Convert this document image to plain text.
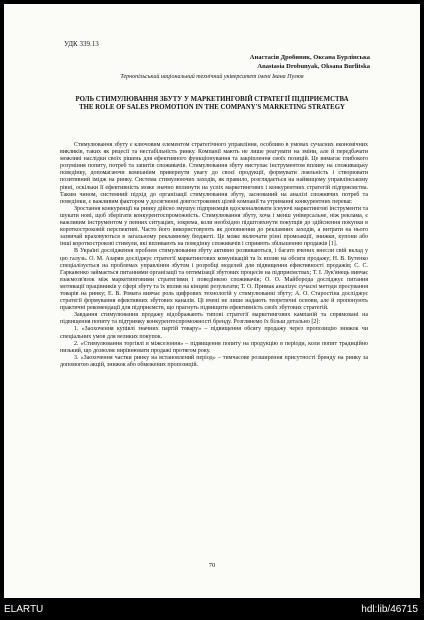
УДК 339.13
Анастасія Дробиняк, Оксана Бурлінська
Anastasia Drobunyak, Oksana Burlitska
Тернопільський національний технічний університет імені Івана Пулюя
РОЛЬ СТИМУЛЮВАННЯ ЗБУТУ У МАРКЕТИНГОВІЙ СТРАТЕГІЇ ПІДПРИЄМСТВА
THE ROLE OF SALES PROMOTION IN THE COMPANY'S MARKETING STRATEGY

Стимулювання збуту є ключовим елементом стратегічного управління, особливо в умовах сучасних економічних викликів, таких як рецесії та нестабільність ринку. Компанії мають не лише реагувати на зміни, але й передбачати можливі наслідки своїх рішень для ефективного функціонування та закріплення своїх позицій. Це вимагає глибокого розуміння попиту, потреб та запитів споживачів. Стимулювання збуту виступає інструментом впливу на споживацьку поведінку, допомагаючи компаніям привернути увагу до своєї продукції, формувати лояльність і створювати позитивний імідж на ринку. Система стимулюючих заходів, як правило, розглядається на найвищому управлінському рівні, оскільки її ефективність може значно вплинути на успіх маркетингових і конкурентних стратегій підприємства. Таким чином, системний підхід до організації стимулювання збуту, заснований на аналізі споживчих потреб та поведінки, є важливим фактором у досягненні довгострокових цілей компанії та утриманні конкурентних переваг.

Зростання конкуренції на ринку дійсно змушує підприємців вдосконалювати існуючі маркетингові інструменти та шукати нові, щоб зберігати конкурентоспроможність. Стимулювання збуту, хоча і менш універсальне, ніж реклама, є важливим інструментом у певних ситуаціях, зокрема, коли необхідно підштовхнути покупців до здійснення покупки в короткостроковій перспективі. Часто його використовують як доповнення до рекламних заходів, а витрати на нього зазвичай враховуються в загальному рекламному бюджеті. Це може включати різні промоакції, знижки, купони або інші короткострокові стимули, які впливають на поведінку споживачів і сприяють збільшенню продажів [1].

В Україні дослідження проблем стимулювання збуту активно розвиваються, і багато вчених внесли свій вклад у цю галузь. О. М. Азарян досліджує стратегії маркетингових комунікацій та їх вплив на обсяги продажу; Н. В. Бутенко спеціалізується на проблемах управління збутом і розробці моделей для підвищення ефективності продажів; С. С. Гаркавенко займається питаннями організації та оптимізації збутових процесів на підприємствах; Т. І. Лук'янець вивчає взаємозв'язок між маркетинговими стратегіями і поведінкою споживачів; О. О. Майборода досліджує питання мотивації працівників у сфері збуту та їх вплив на кінцеві результати; Т. О. Примак аналізує сучасні методи просування товарів на ринку; Е. В. Ромата вивчає роль цифрових технологій у стимулюванні збуту; А. О. Старостіна досліджує стратегії формування ефективних збутових каналів. Ці вчені не лише надають теоретичні основи, але й пропонують практичні рекомендації для підприємств, що прагнуть підвищити ефективність своїх збутових стратегій.

Завдання стимулювання продажу відображають типові стратегії маркетингових кампаній та спрямовані на підвищення попиту та підтримку конкурентоспроможності бренду. Розглянемо їх більш детально [2]:

1. «Заохочення купівлі значних партій товару» – підвищення обсягу продажу через пропозицію знижок чи спеціальних умов для великих покупок.

2. «Стимулювання торгівлі в міжсезоння» – підвищення попиту на продукцію в періоди, коли попит традиційно низький, що дозволяє вирівнювати продажі протягом року.

3. «Заохочення частки ринку на встановлений період» – тимчасове розширення присутності бренду на ринку за допомогою акцій, знижок або обмежених пропозицій.

70
ELARTU	hdl:lib/46715
